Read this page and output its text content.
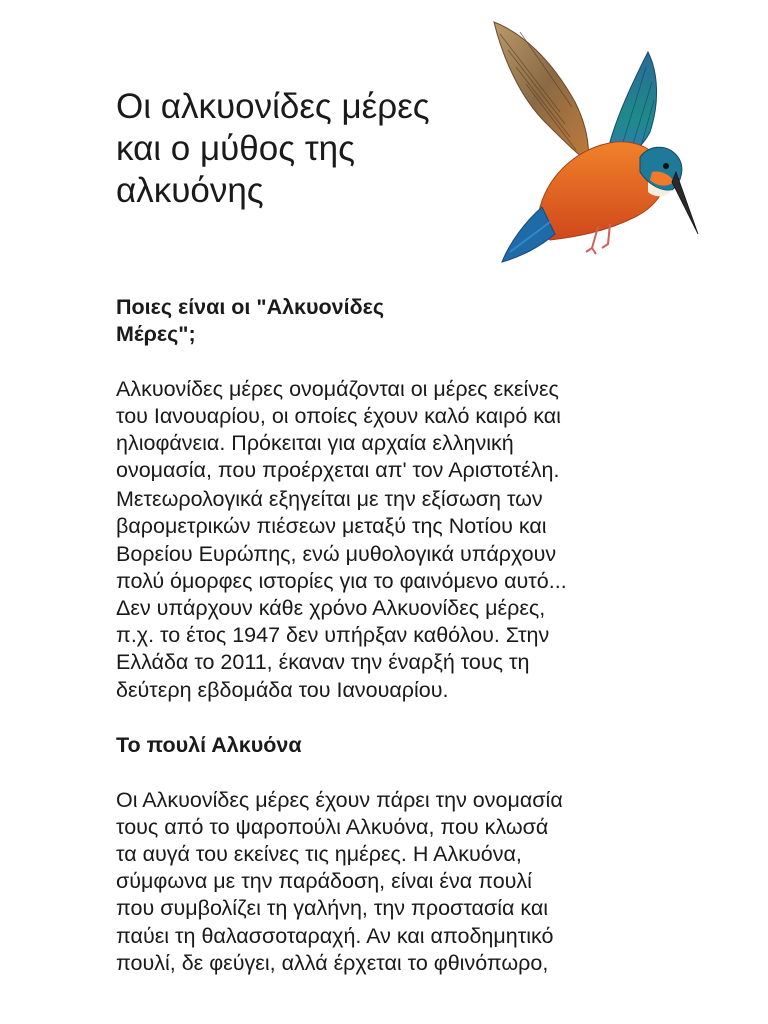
Οι αλκυονίδες μέρες
και ο μύθος της
αλκυόνης

Ποιες είναι οι "Αλκυονίδες
Μέρες";

Αλκυονίδες μέρες ονομάζονται οι μέρες εκείνες
του Ιανουαρίου, οι οποίες έχουν καλό καιρό και
ηλιοφάνεια. Πρόκειται για αρχαία ελληνική
ονομασία, που προέρχεται απ' τον Αριστοτέλη.

Μετεωρολογικά εξηγείται με την εξίσωση των
βαρομετρικών πιέσεων μεταξύ της Νοτίου και
Βορείου Ευρώπης, ενώ μυθολογικά υπάρχουν
πολύ όμορφες ιστορίες για το φαινόμενο αυτό...
Δεν υπάρχουν κάθε χρόνο Αλκυονίδες μέρες,
π.χ. το έτος 1947 δεν υπήρξαν καθόλου. Στην
Ελλάδα το 2011, έκαναν την έναρξή τους τη
δεύτερη εβδομάδα του Ιανουαρίου.

Το πουλί Αλκυόνα

Οι Αλκυονίδες μέρες έχουν πάρει την ονομασία
τους από το ψαροπούλι Αλκυόνα, που κλωσά
τα αυγά του εκείνες τις ημέρες. Η Αλκυόνα,
σύμφωνα με την παράδοση, είναι ένα πουλί
που συμβολίζει τη γαλήνη, την προστασία και
παύει τη θαλασσοταραχή. Αν και αποδημητικό
πουλί, δε φεύγει, αλλά έρχεται το φθινόπωρο,
